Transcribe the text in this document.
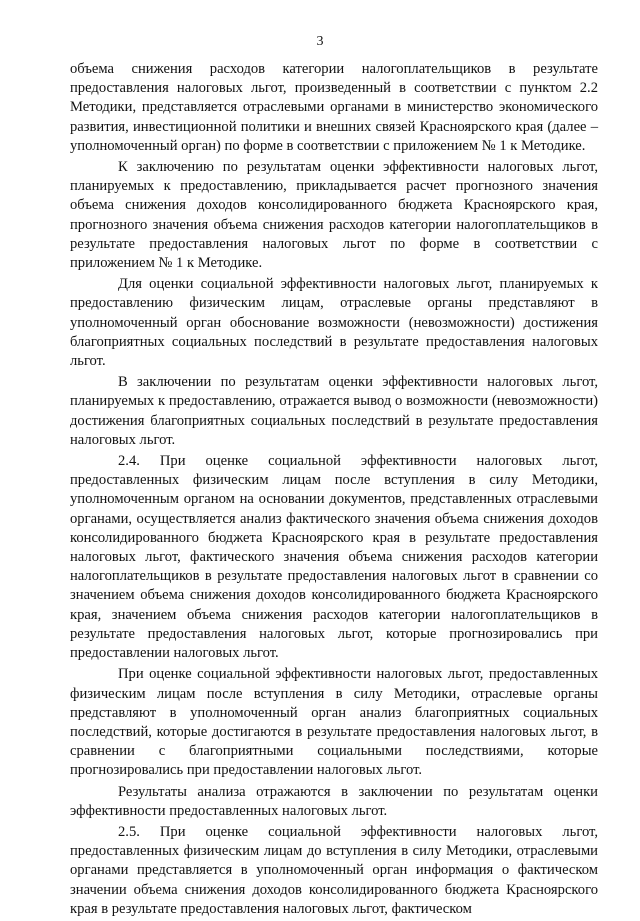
3

объема снижения расходов категории налогоплательщиков в результате предоставления налоговых льгот, произведенный в соответствии с пунктом 2.2 Методики, представляется отраслевыми органами в министерство экономического развития, инвестиционной политики и внешних связей Красноярского края (далее – уполномоченный орган) по форме в соответствии с приложением № 1 к Методике.

К заключению по результатам оценки эффективности налоговых льгот, планируемых к предоставлению, прикладывается расчет прогнозного значения объема снижения доходов консолидированного бюджета Красноярского края, прогнозного значения объема снижения расходов категории налогоплательщиков в результате предоставления налоговых льгот по форме в соответствии с приложением № 1 к Методике.

Для оценки социальной эффективности налоговых льгот, планируемых к предоставлению физическим лицам, отраслевые органы представляют в уполномоченный орган обоснование возможности (невозможности) достижения благоприятных социальных последствий в результате предоставления налоговых льгот.

В заключении по результатам оценки эффективности налоговых льгот, планируемых к предоставлению, отражается вывод о возможности (невозможности) достижения благоприятных социальных последствий в результате предоставления налоговых льгот.

2.4. При оценке социальной эффективности налоговых льгот, предоставленных физическим лицам после вступления в силу Методики, уполномоченным органом на основании документов, представленных отраслевыми органами, осуществляется анализ фактического значения объема снижения доходов консолидированного бюджета Красноярского края в результате предоставления налоговых льгот, фактического значения объема снижения расходов категории налогоплательщиков в результате предоставления налоговых льгот в сравнении со значением объема снижения доходов консолидированного бюджета Красноярского края, значением объема снижения расходов категории налогоплательщиков в результате предоставления налоговых льгот, которые прогнозировались при предоставлении налоговых льгот.

При оценке социальной эффективности налоговых льгот, предоставленных физическим лицам после вступления в силу Методики, отраслевые органы представляют в уполномоченный орган анализ благоприятных социальных последствий, которые достигаются в результате предоставления налоговых льгот, в сравнении с благоприятными социальными последствиями, которые прогнозировались при предоставлении налоговых льгот.

Результаты анализа отражаются в заключении по результатам оценки эффективности предоставленных налоговых льгот.

2.5. При оценке социальной эффективности налоговых льгот, предоставленных физическим лицам до вступления в силу Методики, отраслевыми органами представляется в уполномоченный орган информация о фактическом значении объема снижения доходов консолидированного бюджета Красноярского края в результате предоставления налоговых льгот, фактическом
